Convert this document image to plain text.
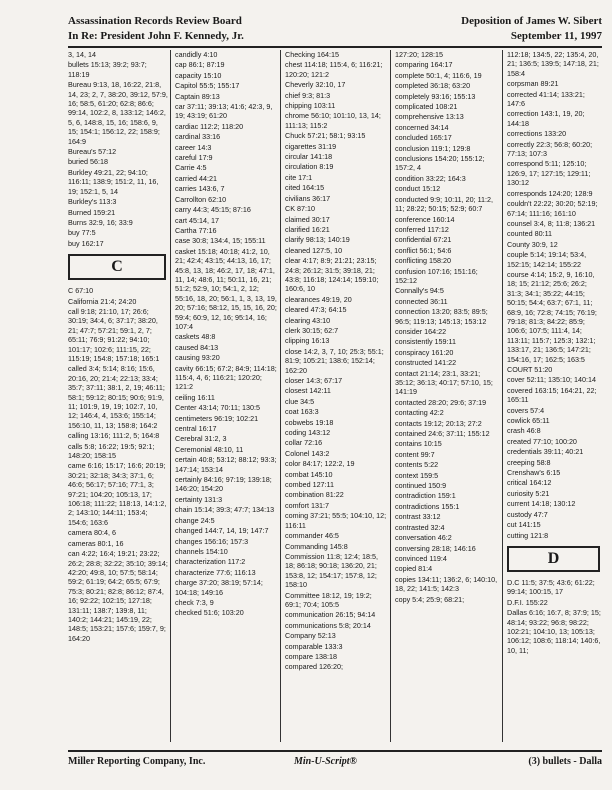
Assassination Records Review Board
In Re: President John F. Kennedy, Jr.
Deposition of James W. Sibert
September 11, 1997
3, 14, 14
bullets 15:13; 39:2; 93:7; 118:19
Bureau 9:13, 18, 16:22, 21:8, 14, 23; 2, 7, 38:20, 39:12, 57:9, 16; 58:5, 61:20; 62:8; 86:6; 99:14, 102:2, 8, 133:12; 146:2, 5, 6, 148:8, 15, 16; 158:6, 9, 15; 154:1; 156:12, 22; 158:9; 164:9
Bureau's 57:12
buried 56:18
Burkley 49:21, 22; 94:10; 116:11; 138:9; 151:2, 11, 16, 19; 152:1, 5, 14
Burkley's 113:3
Burned 159:21
Burns 32:9, 16; 33:9
buy 77:5
buy 162:17
C
C 67:10
California 21:4; 24:20
call 9:18; 21:10, 17; 26:6; 30:19; 34:4, 6; 37:17; 38:20, 21; 47:7; 57:21; 59:1, 2, 7; 65:11; 76:9; 91:22; 94:10; 101:17; 102:6; 111:15, 22; 115:19; 154:8; 157:18; 165:1
called 3:4; 5:14; 8:16; 15:6, 20:16, 20; 21:4; 22:13; 33:4; 35:7; 37:11; 38:1, 2, 19; 46:11; 58:1; 59:12; 80:15; 90:6; 91:9, 11; 101:9, 19, 19; 102:7, 10, 12; 146:4, 4, 153:6; 155:14; 156:10, 11, 13; 158:8; 164:2
calling 13:16; 111:2, 5; 164:8
calls 5:8; 16:22; 19:5; 92:1; 148:20; 158:15
came 6:16; 15:17; 16:6; 20:19; 30:21; 32:18; 34:3; 37:1, 6; 46:6; 56:17; 57:16; 77:1, 3; 97:21; 104:20; 105:13, 17; 106:18; 111:22; 118:13, 14:1:2, 2; 143:10; 144:11; 153:4; 154:6; 163:6
camera 80:4, 6
cameras 80:1, 16
can 4:22; 16:4; 19:21; 23:22; 26:2; 28:8; 32:22; 35:10; 39:14; 42:20; 49:8, 10; 57:5; 58:14; 59:2; 61:19; 64:2; 65:5; 67:9; 75:3; 80:21; 82:8; 86:12; 87:4, 16; 92:22; 102:15; 127:18; 131:11; 138:7; 139:8, 11; 140:2; 144:21; 145:19, 22; 148:5; 153:21; 157:6; 159:7, 9; 164:20
candidly 4:10
cap 86:1; 87:19
capacity 15:10
Capitol 55:5; 155:17
Captain 89:13
car 37:11; 39:13; 41:6; 42:3, 9, 19; 43:19; 61:20
cardiac 112:2; 118:20
cardinal 33:16
career 14:3
careful 17:9
Carrie 4:5
carried 44:21
carries 143:6, 7
Carrollton 62:10
carry 44:3; 45:15; 87:16
cart 45:14, 17
Cartha 77:16
case 30:8; 134:4, 15; 155:11
casket 15:18; 40:18; 41:2, 10, 21; 42:4; 43:15; 44:13, 16, 17; 45:8, 13, 18; 46:2, 17, 18; 47:1, 11, 14; 48:6, 11; 50:11, 16, 21; 51:2; 52:9, 10; 54:1, 2, 12; 55:16, 18, 20; 56:1, 1, 3, 13, 19, 20; 57:16; 58:12, 15, 15, 16, 20; 59:4; 60:9, 12, 16; 95:14, 16; 107:4
caskets 48:8
caused 84:13
causing 93:20
cavity 66:15; 67:2; 84:9; 114:18; 115:4, 4, 6; 116:21; 120:20; 121:2
ceiling 16:11
Center 43:14; 70:11; 130:5
centimeters 96:19; 102:21
central 16:17
Cerebral 31:2, 3
Ceremonial 48:10, 11
certain 40:8; 53:12; 88:12; 93:3; 147:14; 153:14
certainly 84:16; 97:19; 139:18; 146:20; 154:20
certainty 131:3
chain 15:14; 39:3; 47:7; 134:13
change 24:5
changed 144:7, 14, 19; 147:7
changes 156:16; 157:3
channels 154:10
characterization 117:2
characterize 77:6; 116:13
charge 37:20; 38:19; 57:14; 104:18; 149:16
check 7:3, 9
checked 51:6; 103:20
Checking 164:15
chest 114:18; 115:4, 6; 116:21; 120:20; 121:2
Cheverly 32:10, 17
chief 9:3; 81:3
chipping 103:11
chrome 56:10; 101:10, 13, 14; 111:13; 115:2
Chuck 57:21; 58:1; 93:15
cigarettes 31:19
circular 141:18
circulation 8:19
cite 17:1
cited 164:15
civilians 36:17
CK 87:10
claimed 30:17
clarified 16:21
clarify 98:13; 140:19
cleaned 127:5, 10
clear 4:17; 8:9; 21:21; 23:15; 24:8; 26:12; 31:5; 39:18, 21; 43:8; 116:18; 124:14; 159:10; 160:6, 10
clearances 49:19, 20
cleared 47:3; 64:15
clearing 43:10
clerk 30:15; 62:7
clipping 16:13
close 14:2, 3, 7, 10; 25:3; 55:1; 81:9; 105:21; 138:6; 152:14; 162:20
closer 14:3; 67:17
closest 142:11
clue 34:5
coat 163:3
cobwebs 19:18
coding 143:12
collar 72:16
Colonel 143:2
color 84:17; 122:2, 19
combat 145:10
combed 127:11
combination 81:22
comfort 131:7
coming 37:21; 55:5; 104:10, 12; 116:11
commander 46:5
Commanding 145:8
Commission 11:8; 12:4; 18:5, 18; 86:18; 90:18; 136:20, 21; 153:8, 12; 154:17; 157:8, 12; 158:10
Committee 18:12, 19; 19:2; 69:1; 70:4; 105:5
communication 26:15; 94:14
communications 5:8; 20:14
Company 52:13
comparable 133:3
compare 138:18
compared 126:20;
127:20; 128:15
comparing 164:17
complete 50:1, 4; 116:6, 19
completed 36:18; 63:20
completely 93:16; 155:13
complicated 108:21
comprehensive 13:13
concerned 34:14
concluded 165:17
conclusion 119:1; 129:8
conclusions 154:20; 155:12; 157:2, 4
condition 33:22; 164:3
conduct 15:12
conducted 9:9; 10:11, 20; 11:2, 11; 28:22; 50:15; 52:9; 60:7
conference 160:14
conferred 117:12
confidential 67:21
conflict 56:1; 54:6
conflicting 158:20
confusion 107:16; 151:16; 152:12
Connally's 94:5
connected 36:11
connection 13:20; 83:5; 89:5; 96:5; 119:13; 145:13; 153:12
consider 164:22
consistently 159:11
conspiracy 161:20
constructed 141:22
contact 21:14; 23:1, 33:21; 35:12; 36:13; 40:17; 57:10, 15; 141:19
contacted 28:20; 29:6; 37:19
contacting 42:2
contacts 19:12; 20:13; 27:2
contained 24:6; 37:11; 155:12
contains 10:15
content 99:7
contents 5:22
context 159:5
continued 150:9
contradiction 159:1
contradictions 155:1
contrast 33:12
contrasted 32:4
conversation 46:2
conversing 28:18; 146:16
convinced 119:4
copied 81:4
copies 134:11; 136:2, 6; 140:10, 18, 22; 141:5; 142:3
copy 5:4; 25:9; 68:21;
112:18; 134:5, 22; 135:4, 20, 21; 136:5; 139:5; 147:18, 21; 158:4
corpsman 89:21
corrected 41:14; 133:21; 147:6
correction 143:1, 19, 20; 144:18
corrections 133:20
correctly 22:3; 56:8; 60:20; 77:13; 107:3
correspond 5:11; 125:10; 126:9, 17; 127:15; 129:11; 130:12
corresponds 124:20; 128:9
couldn't 22:22; 30:20; 52:19; 67:14; 111:16; 161:10
counsel 3:4, 8; 11:8; 136:21
counted 80:11
County 30:9, 12
couple 5:14; 19:14; 53:4, 152:15; 142:14; 155:22
course 4:14; 15:2, 9, 16:10, 18; 15; 21:12; 25:6; 26:2; 31:3; 34:1; 35:22; 44:15; 50:15; 54:4; 63:7; 67:1, 11; 68:9, 16; 72:8; 74:15; 76:19; 79:18; 81:3; 84:22; 85:9; 106:6; 107:5; 111:4, 14; 113:11; 115:7; 125:3; 132:1; 133:17, 21; 136:5; 147:21; 154:16, 17; 162:5; 163:5
COURT 51:20
cover 52:11; 135:10; 140:14
covered 163:15; 164:21, 22; 165:11
covers 57:4
cowlick 65:11
crash 46:8
created 77:10; 100:20
credentials 39:11; 40:21
creeping 58:8
Crenshaw's 6:15
critical 164:12
curiosity 5:21
current 14:18; 130:12
custody 47:7
cut 141:15
cutting 121:8
D
D.C 11:5; 37:5; 43:6; 61:22; 99:14; 100:15, 17
D.F.I. 155:22
Dallas 6:16; 16:7, 8; 37:9; 15; 48:14; 93:22; 96:8; 98:22; 102:21; 104:10, 13; 105:13; 106:12; 108:6; 118:14; 140:6, 10, 11;
Miller Reporting Company, Inc.	Min-U-Script®	(3) bullets - Dalla
